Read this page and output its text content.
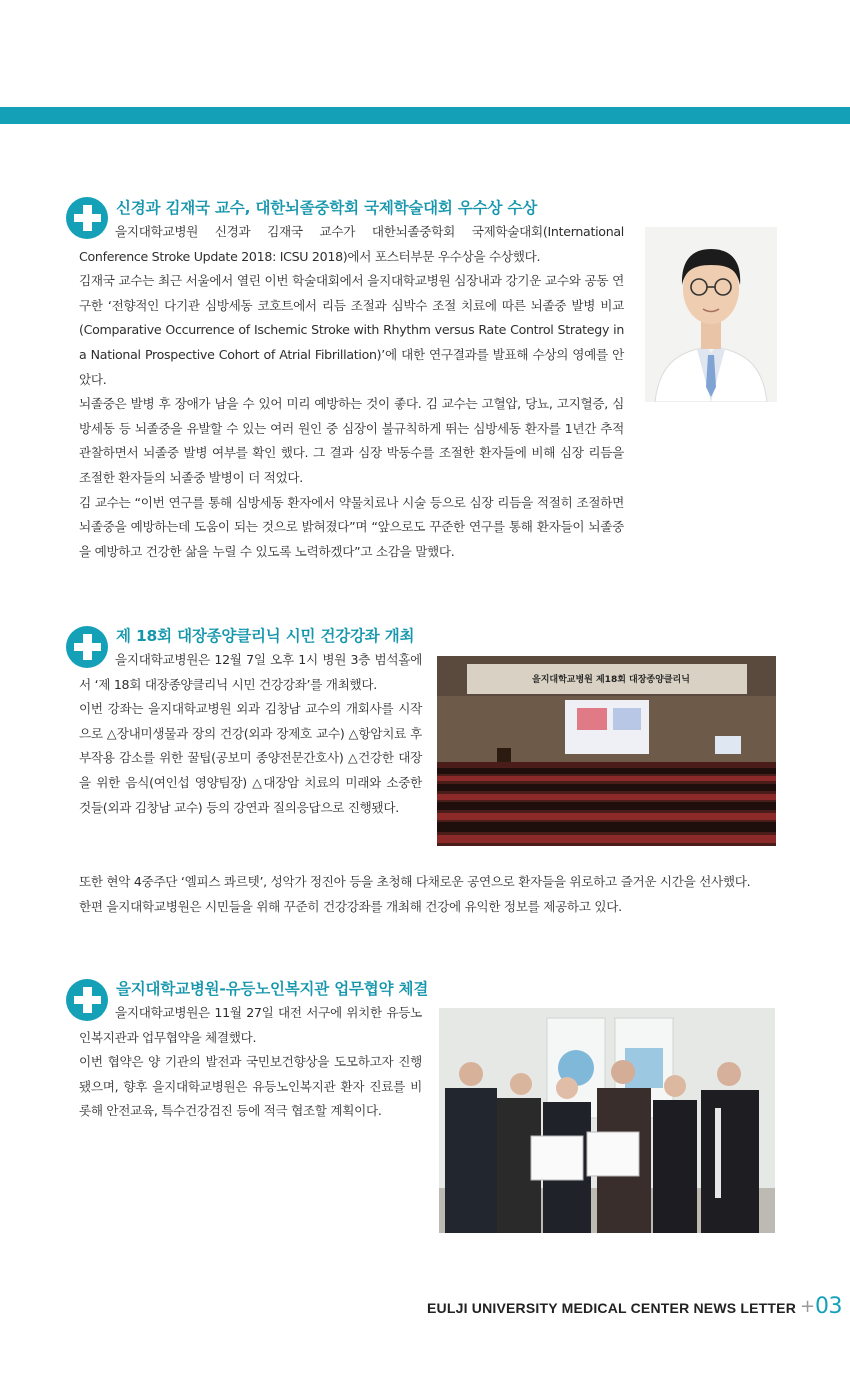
신경과 김재국 교수, 대한뇌졸중학회 국제학술대회 우수상 수상

을지대학교병원 신경과 김재국 교수가 대한뇌졸중학회 국제학술대회(International Conference Stroke Update 2018: ICSU 2018)에서 포스터부문 우수상을 수상했다.

김재국 교수는 최근 서울에서 열린 이번 학술대회에서 을지대학교병원 심장내과 강기운 교수와 공동 연구한 ‘전향적인 다기관 심방세동 코호트에서 리듬 조절과 심박수 조절 치료에 따른 뇌졸중 발병 비교(Comparative Occurrence of Ischemic Stroke with Rhythm versus Rate Control Strategy in a National Prospective Cohort of Atrial Fibrillation)’에 대한 연구결과를 발표해 수상의 영예를 안았다.

뇌졸중은 발병 후 장애가 남을 수 있어 미리 예방하는 것이 좋다. 김 교수는 고혈압, 당뇨, 고지혈증, 심방세동 등 뇌졸중을 유발할 수 있는 여러 원인 중 심장이 불규칙하게 뛰는 심방세동 환자를 1년간 추적 관찰하면서 뇌졸중 발병 여부를 확인 했다. 그 결과 심장 박동수를 조절한 환자들에 비해 심장 리듬을 조절한 환자들의 뇌졸중 발병이 더 적었다.

김 교수는 “이번 연구를 통해 심방세동 환자에서 약물치료나 시술 등으로 심장 리듬을 적절히 조절하면 뇌졸중을 예방하는데 도움이 되는 것으로 밝혀졌다”며 “앞으로도 꾸준한 연구를 통해 환자들이 뇌졸중을 예방하고 건강한 삶을 누릴 수 있도록 노력하겠다”고 소감을 말했다.

제 18회 대장종양클리닉 시민 건강강좌 개최

을지대학교병원은 12월 7일 오후 1시 병원 3층 범석홀에서 ‘제 18회 대장종양클리닉 시민 건강강좌’를 개최했다.

이번 강좌는 을지대학교병원 외과 김창남 교수의 개회사를 시작으로 △장내미생물과 장의 건강(외과 장제호 교수) △항암치료 후 부작용 감소를 위한 꿀팁(공보미 종양전문간호사) △건강한 대장을 위한 음식(여인섭 영양팀장) △대장암 치료의 미래와 소중한 것들(외과 김창남 교수) 등의 강연과 질의응답으로 진행됐다.

또한 현악 4중주단 ‘엘피스 콰르텟’, 성악가 정진아 등을 초청해 다채로운 공연으로 환자들을 위로하고 즐거운 시간을 선사했다.

한편 을지대학교병원은 시민들을 위해 꾸준히 건강강좌를 개최해 건강에 유익한 정보를 제공하고 있다.

을지대학교병원 제18회 대장종양클리닉
을지대학교병원-유등노인복지관 업무협약 체결

을지대학교병원은 11월 27일 대전 서구에 위치한 유등노인복지관과 업무협약을 체결했다.

이번 협약은 양 기관의 발전과 국민보건향상을 도모하고자 진행됐으며, 향후 을지대학교병원은 유등노인복지관 환자 진료를 비롯해 안전교육, 특수건강검진 등에 적극 협조할 계획이다.

EULJI UNIVERSITY MEDICAL CENTER NEWS LETTER + 03
